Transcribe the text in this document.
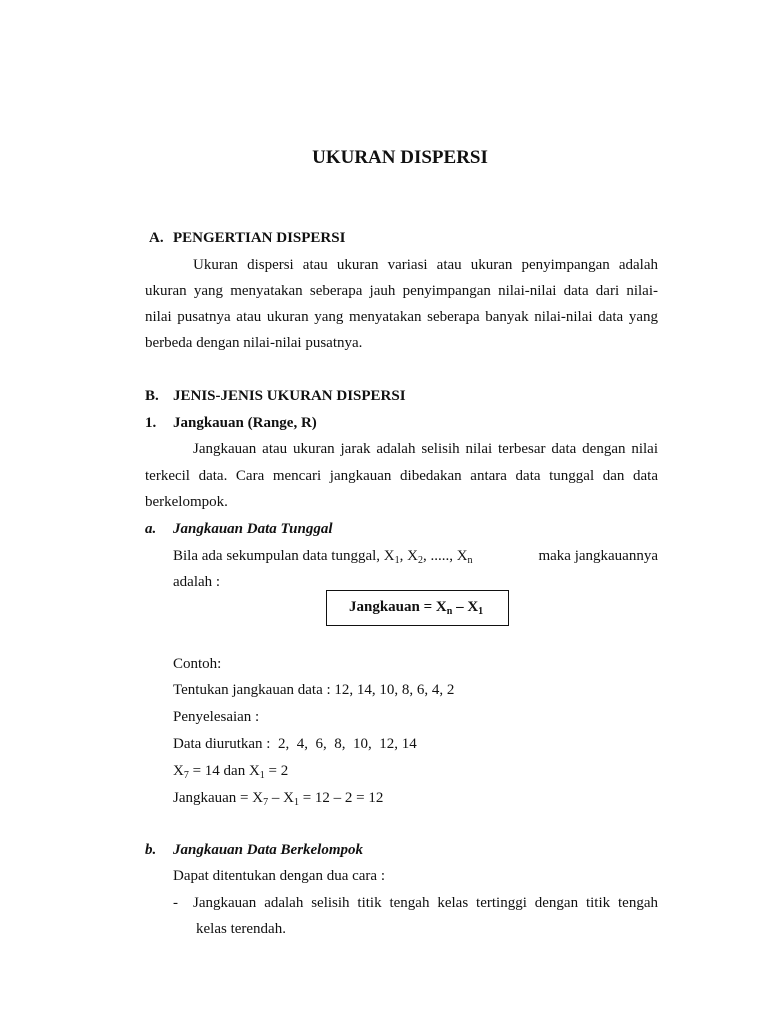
UKURAN DISPERSI
A. PENGERTIAN DISPERSI
Ukuran dispersi atau ukuran variasi atau ukuran penyimpangan adalah
ukuran yang menyatakan seberapa jauh penyimpangan nilai-nilai data dari nilai-
nilai pusatnya atau ukuran yang menyatakan seberapa banyak nilai-nilai data yang
berbeda dengan nilai-nilai pusatnya.
B. JENIS-JENIS UKURAN DISPERSI
1. Jangkauan (Range, R)
Jangkauan atau ukuran jarak adalah selisih nilai terbesar data dengan nilai
terkecil data. Cara mencari jangkauan dibedakan antara data tunggal dan data
berkelompok.
a. Jangkauan Data Tunggal
Bila ada sekumpulan data tunggal, $X_1$, $X_2$, ....., $X_n$	maka jangkauannya
adalah :
Jangkauan = $X_n - X_1$
Contoh:
Tentukan jangkauan data : 12, 14, 10, 8, 6, 4, 2
Penyelesaian :
Data diurutkan :  2,  4,  6,  8,  10,  12, 14
$X_7 = 14$ dan $X_1 = 2$
Jangkauan = $X_7 - X_1 = 12 - 2 = 12$
b. Jangkauan Data Berkelompok
Dapat ditentukan dengan dua cara :
- Jangkauan adalah selisih titik tengah kelas tertinggi dengan titik tengah
kelas terendah.
